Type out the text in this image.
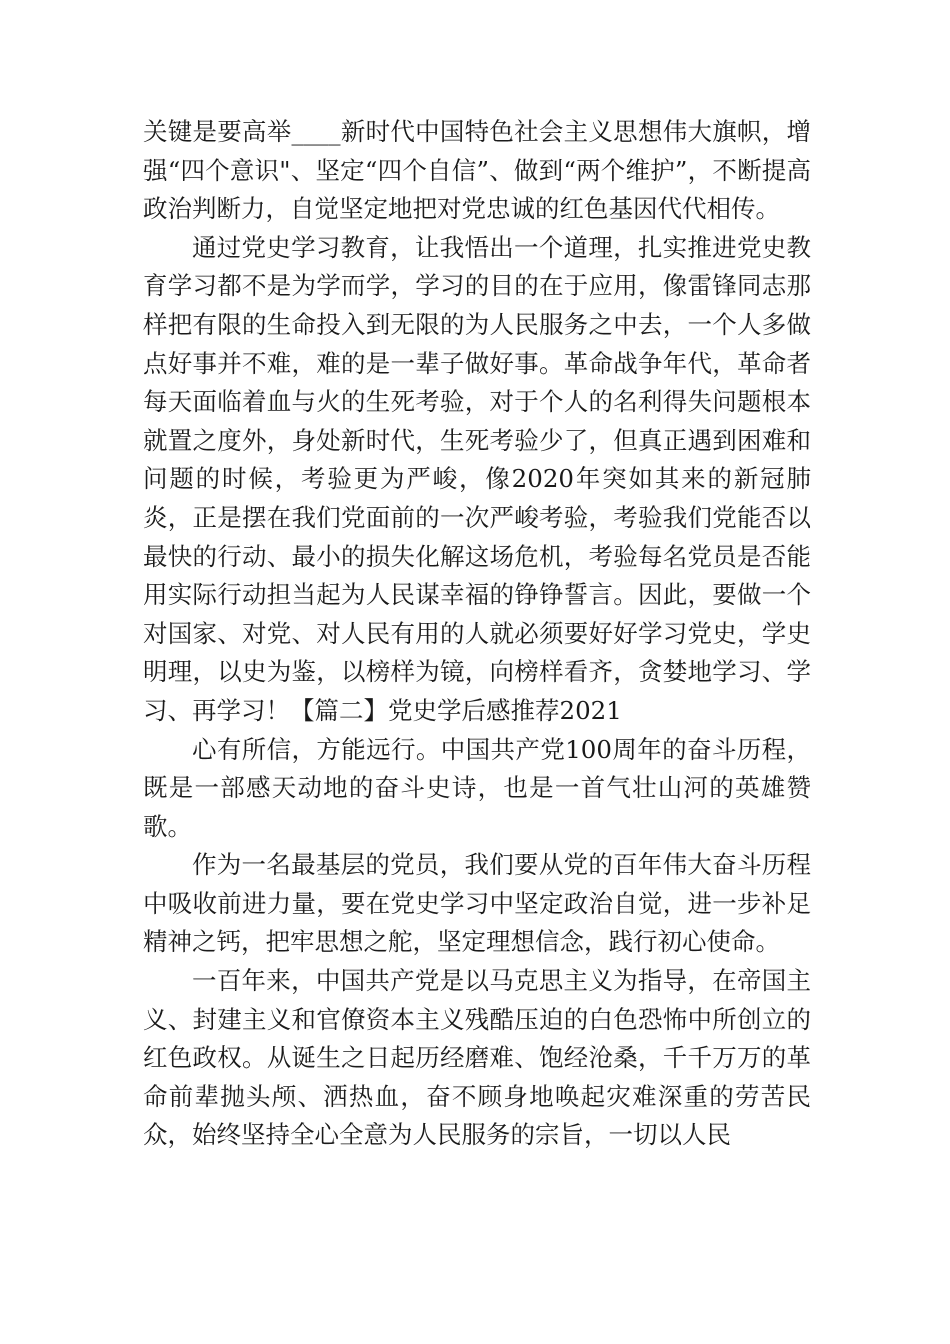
关键是要高举____新时代中国特色社会主义思想伟大旗帜，增强“四个意识"、坚定“四个自信”、做到“两个维护”，不断提高政治判断力，自觉坚定地把对党忠诚的红色基因代代相传。

通过党史学习教育，让我悟出一个道理，扎实推进党史教育学习都不是为学而学，学习的目的在于应用，像雷锋同志那样把有限的生命投入到无限的为人民服务之中去，一个人多做点好事并不难，难的是一辈子做好事。革命战争年代，革命者每天面临着血与火的生死考验，对于个人的名利得失问题根本就置之度外，身处新时代，生死考验少了，但真正遇到困难和问题的时候，考验更为严峻，像2020年突如其来的新冠肺炎，正是摆在我们党面前的一次严峻考验，考验我们党能否以最快的行动、最小的损失化解这场危机，考验每名党员是否能用实际行动担当起为人民谋幸福的铮铮誓言。因此，要做一个对国家、对党、对人民有用的人就必须要好好学习党史，学史明理，以史为鉴，以榜样为镜，向榜样看齐，贪婪地学习、学习、再学习！【篇二】党史学后感推荐2021

心有所信，方能远行。中国共产党100周年的奋斗历程，既是一部感天动地的奋斗史诗，也是一首气壮山河的英雄赞歌。

作为一名最基层的党员，我们要从党的百年伟大奋斗历程中吸收前进力量，要在党史学习中坚定政治自觉，进一步补足精神之钙，把牢思想之舵，坚定理想信念，践行初心使命。

一百年来，中国共产党是以马克思主义为指导，在帝国主义、封建主义和官僚资本主义残酷压迫的白色恐怖中所创立的红色政权。从诞生之日起历经磨难、饱经沧桑，千千万万的革命前辈抛头颅、洒热血，奋不顾身地唤起灾难深重的劳苦民众，始终坚持全心全意为人民服务的宗旨，一切以人民
